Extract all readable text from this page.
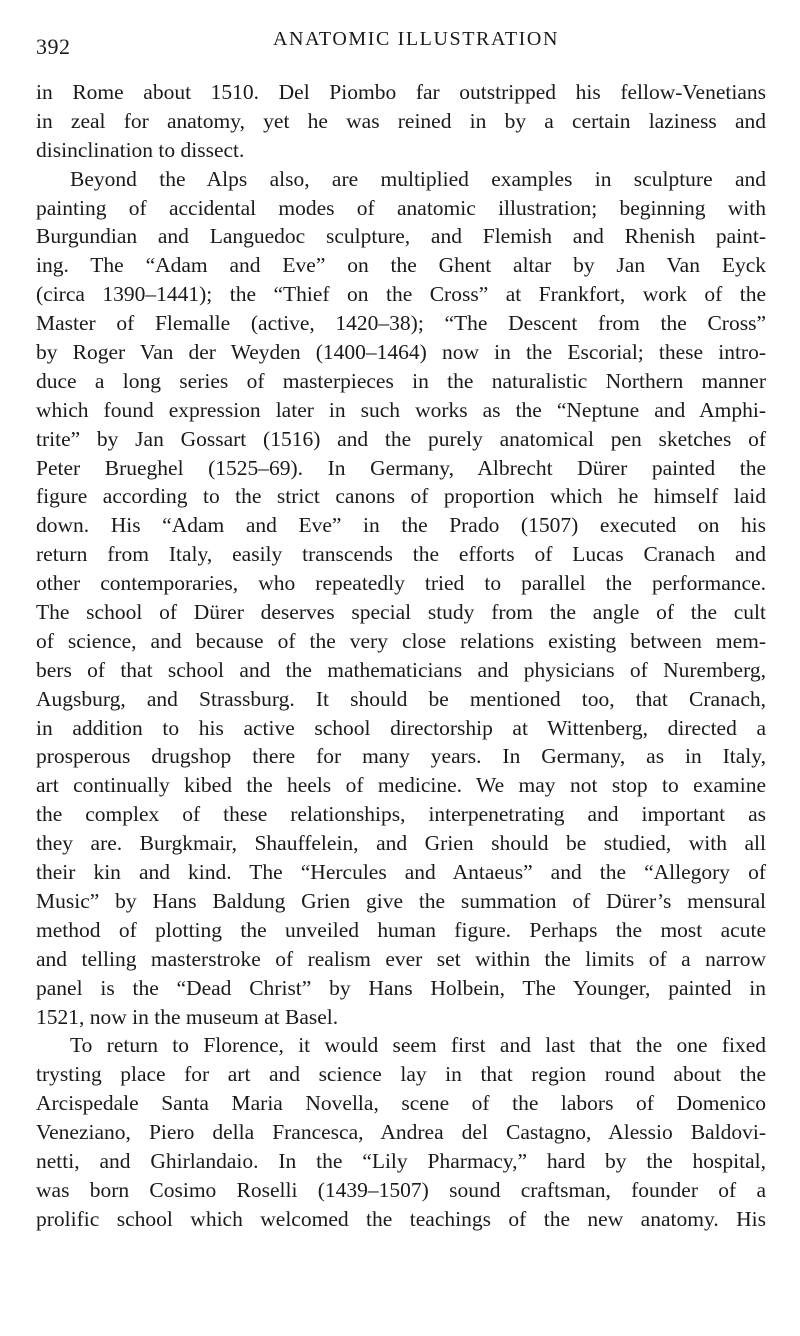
392	ANATOMIC ILLUSTRATION
in Rome about 1510. Del Piombo far outstripped his fellow-Venetians
in zeal for anatomy, yet he was reined in by a certain laziness and
disinclination to dissect.
Beyond the Alps also, are multiplied examples in sculpture and
painting of accidental modes of anatomic illustration; beginning with
Burgundian and Languedoc sculpture, and Flemish and Rhenish paint-
ing. The “Adam and Eve” on the Ghent altar by Jan Van Eyck
(circa 1390–1441); the “Thief on the Cross” at Frankfort, work of the
Master of Flemalle (active, 1420–38); “The Descent from the Cross”
by Roger Van der Weyden (1400–1464) now in the Escorial; these intro-
duce a long series of masterpieces in the naturalistic Northern manner
which found expression later in such works as the “Neptune and Amphi-
trite” by Jan Gossart (1516) and the purely anatomical pen sketches of
Peter Brueghel (1525–69). In Germany, Albrecht Dürer painted the
figure according to the strict canons of proportion which he himself laid
down. His “Adam and Eve” in the Prado (1507) executed on his
return from Italy, easily transcends the efforts of Lucas Cranach and
other contemporaries, who repeatedly tried to parallel the performance.
The school of Dürer deserves special study from the angle of the cult
of science, and because of the very close relations existing between mem-
bers of that school and the mathematicians and physicians of Nuremberg,
Augsburg, and Strassburg. It should be mentioned too, that Cranach,
in addition to his active school directorship at Wittenberg, directed a
prosperous drugshop there for many years. In Germany, as in Italy,
art continually kibed the heels of medicine. We may not stop to examine
the complex of these relationships, interpenetrating and important as
they are. Burgkmair, Shauffelein, and Grien should be studied, with all
their kin and kind. The “Hercules and Antaeus” and the “Allegory of
Music” by Hans Baldung Grien give the summation of Dürer’s mensural
method of plotting the unveiled human figure. Perhaps the most acute
and telling masterstroke of realism ever set within the limits of a narrow
panel is the “Dead Christ” by Hans Holbein, The Younger, painted in
1521, now in the museum at Basel.
To return to Florence, it would seem first and last that the one fixed
trysting place for art and science lay in that region round about the
Arcispedale Santa Maria Novella, scene of the labors of Domenico
Veneziano, Piero della Francesca, Andrea del Castagno, Alessio Baldovi-
netti, and Ghirlandaio. In the “Lily Pharmacy,” hard by the hospital,
was born Cosimo Roselli (1439–1507) sound craftsman, founder of a
prolific school which welcomed the teachings of the new anatomy. His
